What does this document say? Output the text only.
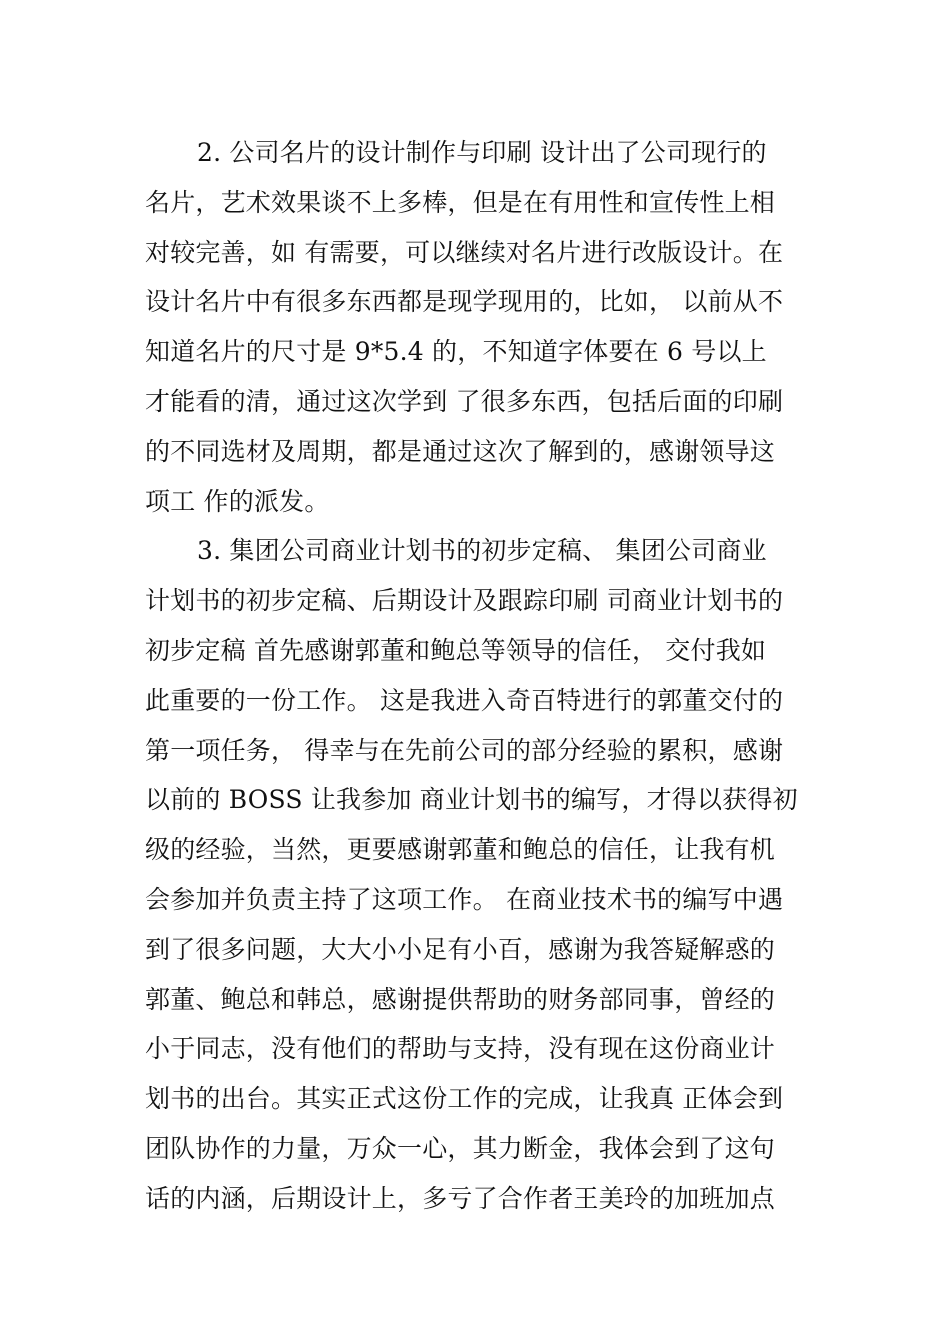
2. 公司名片的设计制作与印刷 设计出了公司现行的
名片，艺术效果谈不上多棒，但是在有用性和宣传性上相
对较完善，如 有需要，可以继续对名片进行改版设计。在
设计名片中有很多东西都是现学现用的，比如， 以前从不
知道名片的尺寸是 9*5.4 的，不知道字体要在 6 号以上
才能看的清，通过这次学到 了很多东西，包括后面的印刷
的不同选材及周期，都是通过这次了解到的，感谢领导这
项工 作的派发。
3. 集团公司商业计划书的初步定稿、 集团公司商业
计划书的初步定稿、后期设计及跟踪印刷 司商业计划书的
初步定稿 首先感谢郭董和鲍总等领导的信任， 交付我如
此重要的一份工作。 这是我进入奇百特进行的郭董交付的
第一项任务， 得幸与在先前公司的部分经验的累积，感谢
以前的 BOSS 让我参加 商业计划书的编写，才得以获得初
级的经验，当然，更要感谢郭董和鲍总的信任，让我有机
会参加并负责主持了这项工作。 在商业技术书的编写中遇
到了很多问题，大大小小足有小百，感谢为我答疑解惑的
郭董、鲍总和韩总，感谢提供帮助的财务部同事，曾经的
小于同志，没有他们的帮助与支持，没有现在这份商业计
划书的出台。其实正式这份工作的完成，让我真 正体会到
团队协作的力量，万众一心，其力断金，我体会到了这句
话的内涵，后期设计上，多亏了合作者王美玲的加班加点
